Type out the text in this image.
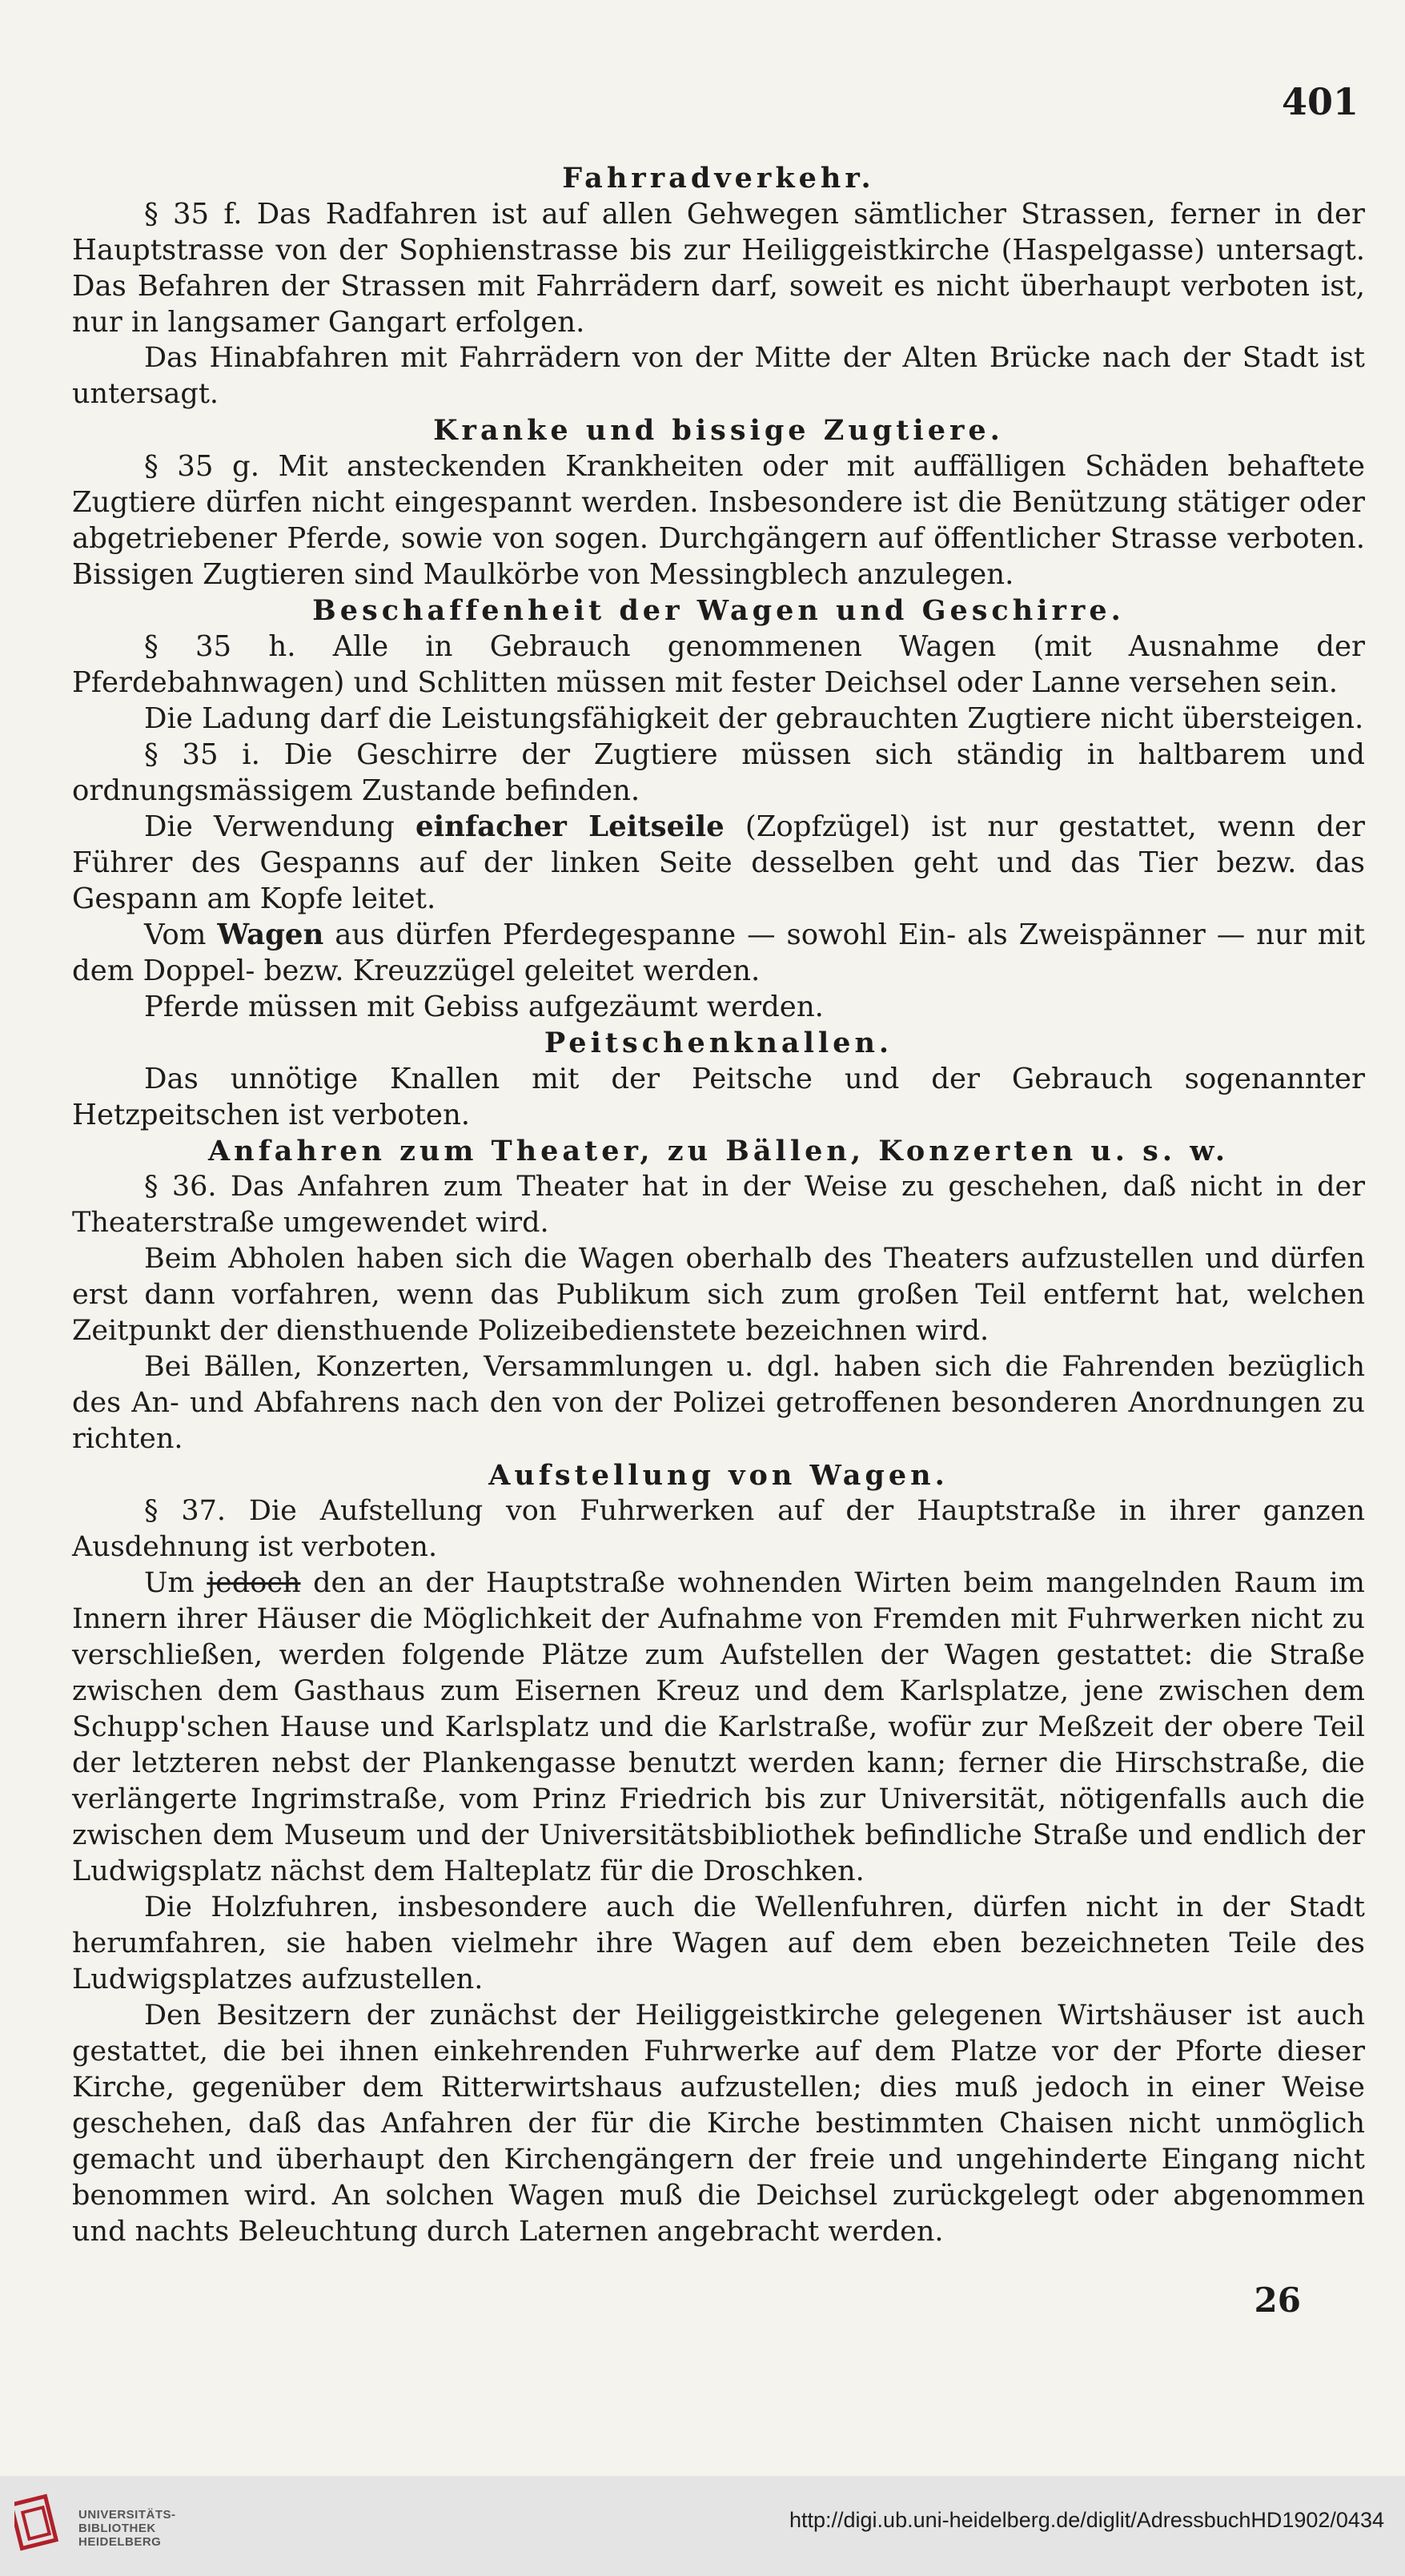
401
Fahrradverkehr.

§ 35 f. Das Radfahren ist auf allen Gehwegen sämtlicher Strassen, ferner in der Hauptstrasse von der Sophienstrasse bis zur Heiliggeistkirche (Haspelgasse) untersagt. Das Befahren der Strassen mit Fahrrädern darf, soweit es nicht überhaupt verboten ist, nur in langsamer Gangart erfolgen.

Das Hinabfahren mit Fahrrädern von der Mitte der Alten Brücke nach der Stadt ist untersagt.

Kranke und bissige Zugtiere.

§ 35 g. Mit ansteckenden Krankheiten oder mit auffälligen Schäden behaftete Zugtiere dürfen nicht eingespannt werden. Insbesondere ist die Benützung stätiger oder abgetriebener Pferde, sowie von sogen. Durchgängern auf öffentlicher Strasse verboten. Bissigen Zugtieren sind Maulkörbe von Messingblech anzulegen.

Beschaffenheit der Wagen und Geschirre.

§ 35 h. Alle in Gebrauch genommenen Wagen (mit Ausnahme der Pferdebahnwagen) und Schlitten müssen mit fester Deichsel oder Lanne versehen sein.

Die Ladung darf die Leistungsfähigkeit der gebrauchten Zugtiere nicht übersteigen.

§ 35 i. Die Geschirre der Zugtiere müssen sich ständig in haltbarem und ordnungsmässigem Zustande befinden.

Die Verwendung einfacher Leitseile (Zopfzügel) ist nur gestattet, wenn der Führer des Gespanns auf der linken Seite desselben geht und das Tier bezw. das Gespann am Kopfe leitet.

Vom Wagen aus dürfen Pferdegespanne — sowohl Ein- als Zweispänner — nur mit dem Doppel- bezw. Kreuzzügel geleitet werden.

Pferde müssen mit Gebiss aufgezäumt werden.

Peitschenknallen.

Das unnötige Knallen mit der Peitsche und der Gebrauch sogenannter Hetzpeitschen ist verboten.

Anfahren zum Theater, zu Bällen, Konzerten u. s. w.

§ 36. Das Anfahren zum Theater hat in der Weise zu geschehen, daß nicht in der Theaterstraße umgewendet wird.

Beim Abholen haben sich die Wagen oberhalb des Theaters aufzustellen und dürfen erst dann vorfahren, wenn das Publikum sich zum großen Teil entfernt hat, welchen Zeitpunkt der diensthuende Polizeibedienstete bezeichnen wird.

Bei Bällen, Konzerten, Versammlungen u. dgl. haben sich die Fahrenden bezüglich des An- und Abfahrens nach den von der Polizei getroffenen besonderen Anordnungen zu richten.

Aufstellung von Wagen.

§ 37. Die Aufstellung von Fuhrwerken auf der Hauptstraße in ihrer ganzen Ausdehnung ist verboten.

Um jedoch den an der Hauptstraße wohnenden Wirten beim mangelnden Raum im Innern ihrer Häuser die Möglichkeit der Aufnahme von Fremden mit Fuhrwerken nicht zu verschließen, werden folgende Plätze zum Aufstellen der Wagen gestattet: die Straße zwischen dem Gasthaus zum Eisernen Kreuz und dem Karlsplatze, jene zwischen dem Schupp'schen Hause und Karlsplatz und die Karlstraße, wofür zur Meßzeit der obere Teil der letzteren nebst der Plankengasse benutzt werden kann; ferner die Hirschstraße, die verlängerte Ingrimstraße, vom Prinz Friedrich bis zur Universität, nötigenfalls auch die zwischen dem Museum und der Universitätsbibliothek befindliche Straße und endlich der Ludwigsplatz nächst dem Halteplatz für die Droschken.

Die Holzfuhren, insbesondere auch die Wellenfuhren, dürfen nicht in der Stadt herumfahren, sie haben vielmehr ihre Wagen auf dem eben bezeichneten Teile des Ludwigsplatzes aufzustellen.

Den Besitzern der zunächst der Heiliggeistkirche gelegenen Wirtshäuser ist auch gestattet, die bei ihnen einkehrenden Fuhrwerke auf dem Platze vor der Pforte dieser Kirche, gegenüber dem Ritterwirtshaus aufzustellen; dies muß jedoch in einer Weise geschehen, daß das Anfahren der für die Kirche bestimmten Chaisen nicht unmöglich gemacht und überhaupt den Kirchengängern der freie und ungehinderte Eingang nicht benommen wird. An solchen Wagen muß die Deichsel zurückgelegt oder abgenommen und nachts Beleuchtung durch Laternen angebracht werden.

26
UNIVERSITÄTS-
BIBLIOTHEK
HEIDELBERG
http://digi.ub.uni-heidelberg.de/diglit/AdressbuchHD1902/0434
